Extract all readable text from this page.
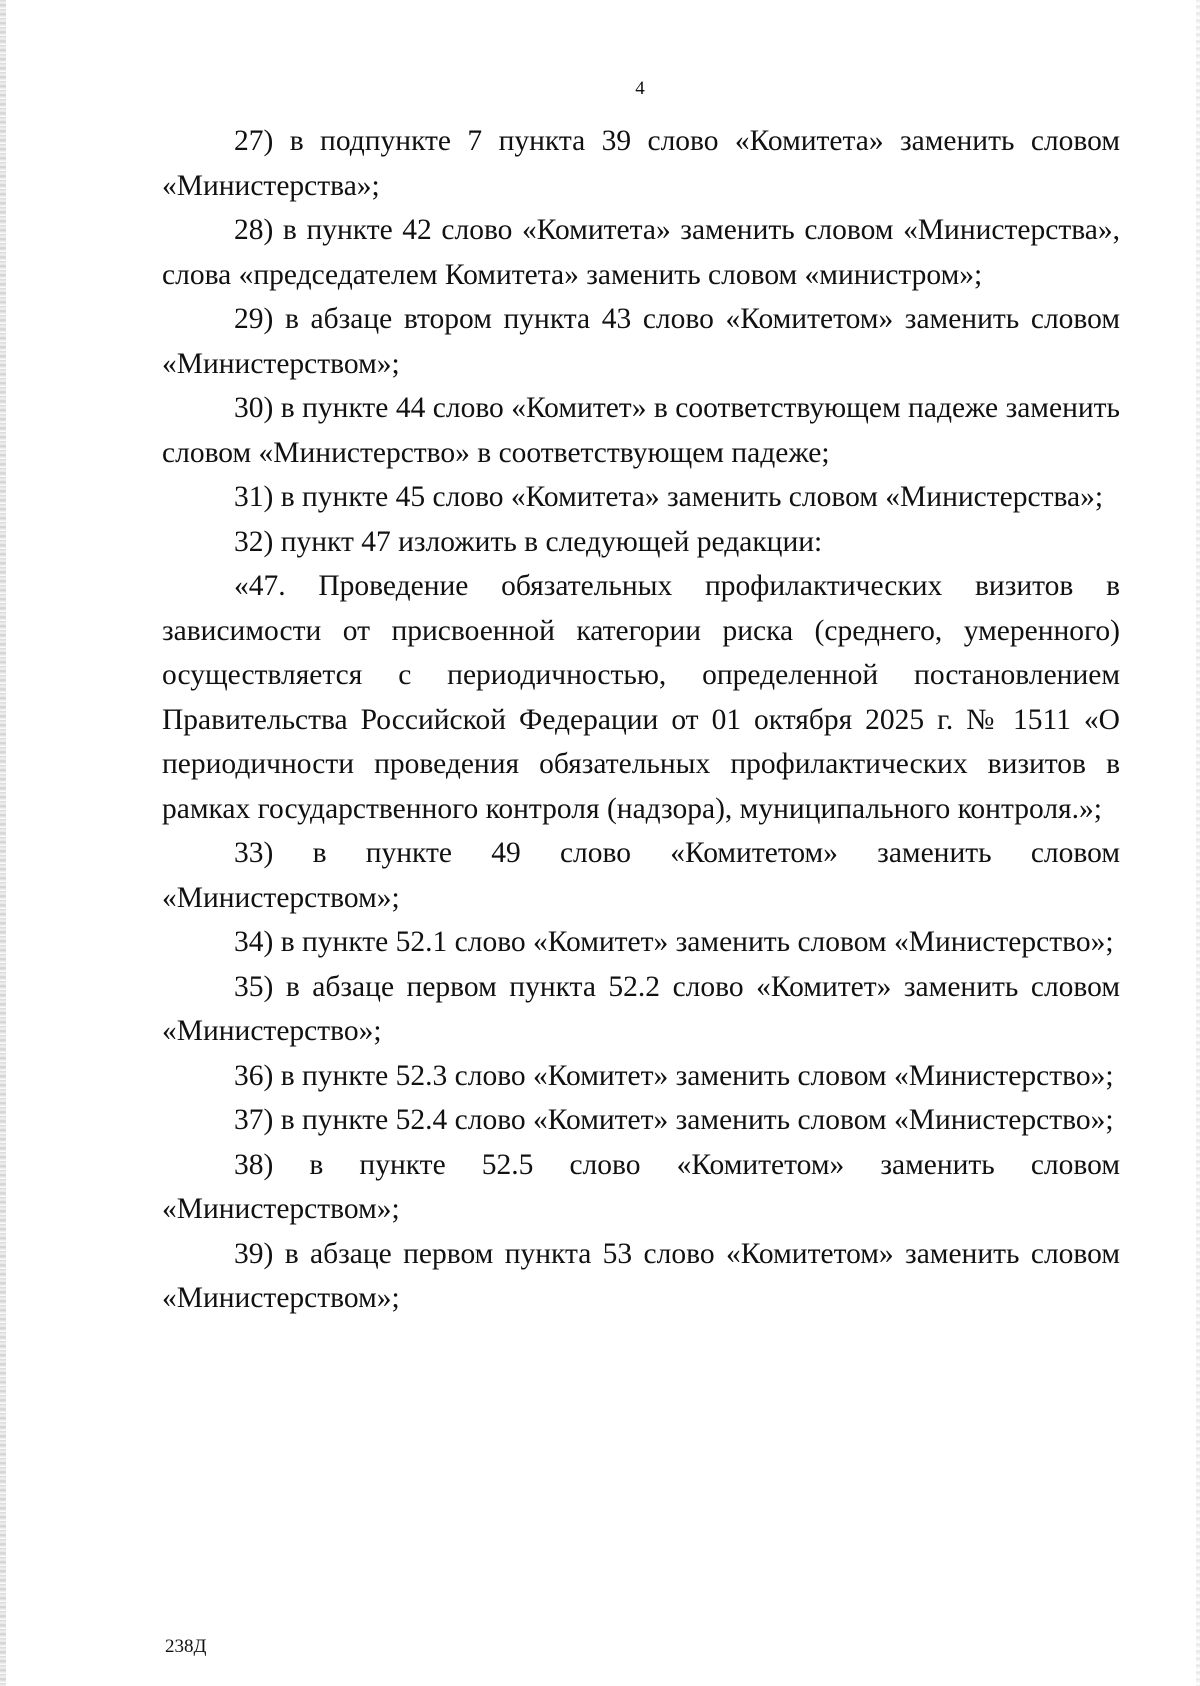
4

27) в подпункте 7 пункта 39 слово «Комитета» заменить словом «Министерства»;

28) в пункте 42 слово «Комитета» заменить словом «Министерства», слова «председателем Комитета» заменить словом «министром»;

29) в абзаце втором пункта 43 слово «Комитетом» заменить словом «Министерством»;

30) в пункте 44 слово «Комитет» в соответствующем падеже заменить словом «Министерство» в соответствующем падеже;

31) в пункте 45 слово «Комитета» заменить словом «Министерства»;

32) пункт 47 изложить в следующей редакции:

«47. Проведение обязательных профилактических визитов в зависимости от присвоенной категории риска (среднего, умеренного) осуществляется с периодичностью, определенной постановлением Правительства Российской Федерации от 01 октября 2025 г. № 1511 «О периодичности проведения обязательных профилактических визитов в рамках государственного контроля (надзора), муниципального контроля.»;

33) в пункте 49 слово «Комитетом» заменить словом «Министерством»;

34) в пункте 52.1 слово «Комитет» заменить словом «Министерство»;

35) в абзаце первом пункта 52.2 слово «Комитет» заменить словом «Министерство»;

36) в пункте 52.3 слово «Комитет» заменить словом «Министерство»;

37) в пункте 52.4 слово «Комитет» заменить словом «Министерство»;

38) в пункте 52.5 слово «Комитетом» заменить словом «Министерством»;

39) в абзаце первом пункта 53 слово «Комитетом» заменить словом «Министерством»;

238Д
